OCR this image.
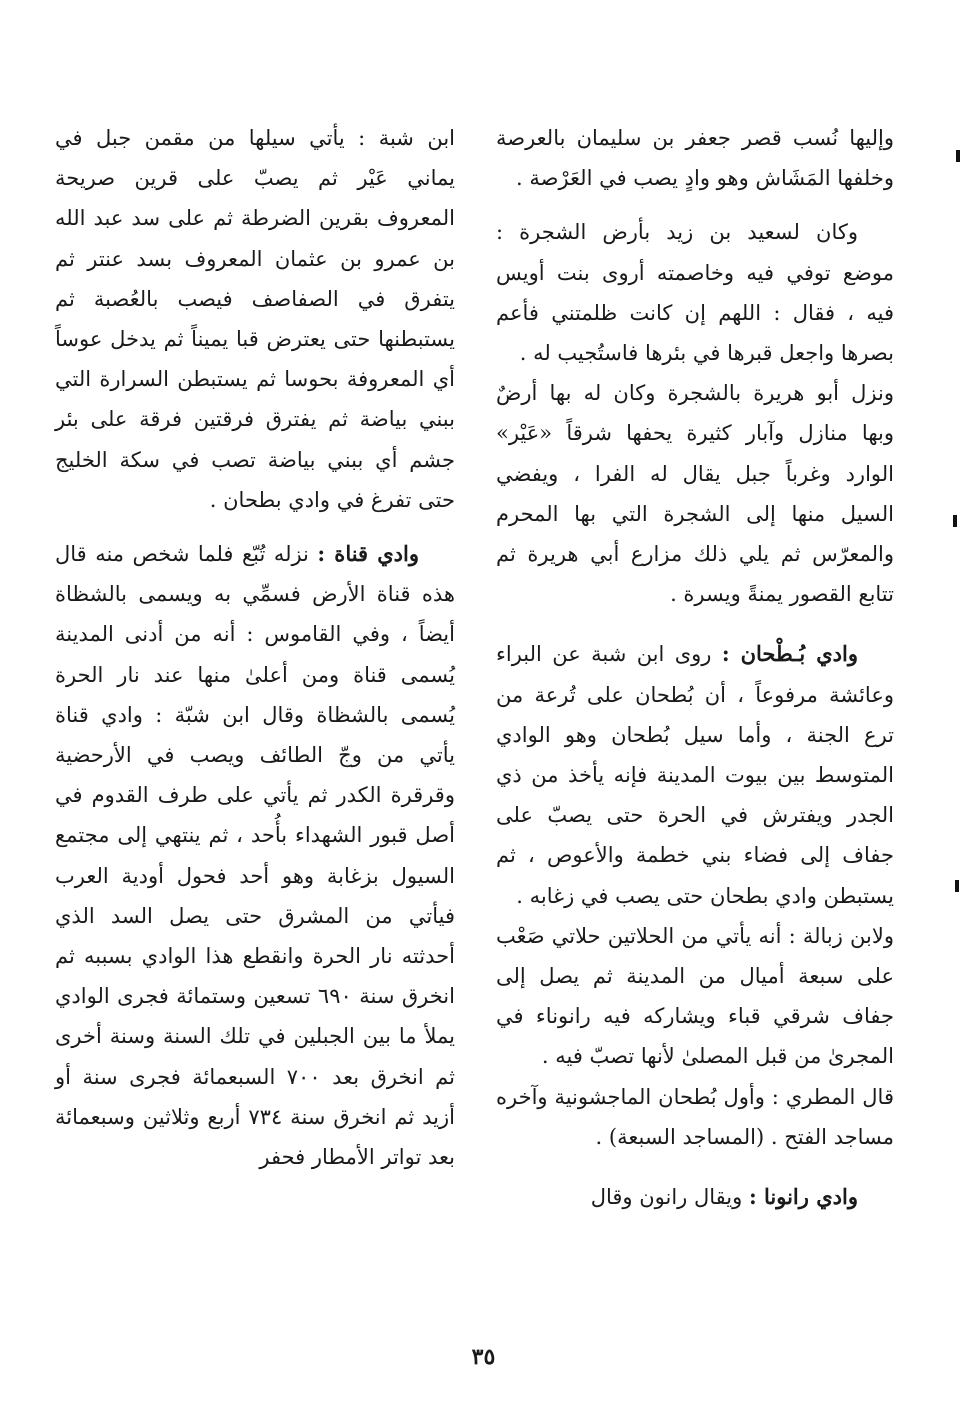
وإليها نُسب قصر جعفر بن سليمان بالعرصة وخلفها المَشَاش وهو وادٍ يصب في العَرْصة .

وكان لسعيد بن زيد بأرض الشجرة : موضع توفي فيه وخاصمته أروى بنت أويس فيه ، فقال : اللهم إن كانت ظلمتني فأعم بصرها واجعل قبرها في بئرها فاستُجيب له .

ونزل أبو هريرة بالشجرة وكان له بها أرضٌ وبها منازل وآبار كثيرة يحفها شرقاً «عَيْر» الوارد وغرباً جبل يقال له الفرا ، ويفضي السيل منها إلى الشجرة التي بها المحرم والمعرّس ثم يلي ذلك مزارع أبي هريرة ثم تتابع القصور يمنةً ويسرة .

وادي بُـطْحان : روى ابن شبة عن البراء وعائشة مرفوعاً ، أن بُطحان على تُرعة من ترع الجنة ، وأما سيل بُطحان وهو الوادي المتوسط بين بيوت المدينة فإنه يأخذ من ذي الجدر ويفترش في الحرة حتى يصبّ على جفاف إلى فضاء بني خطمة والأعوص ، ثم يستبطن وادي بطحان حتى يصب في زغابه .

ولابن زبالة : أنه يأتي من الحلاتين حلاتي صَعْب على سبعة أميال من المدينة ثم يصل إلى جفاف شرقي قباء ويشاركه فيه رانوناء في المجرىٰ من قبل المصلىٰ لأنها تصبّ فيه .

قال المطري : وأول بُطحان الماجشونية وآخره مساجد الفتح . (المساجد السبعة) .

وادي رانونا : ويقال رانون وقال

ابن شبة : يأتي سيلها من مقمن جبل في يماني عَيْر ثم يصبّ على قرين صريحة المعروف بقرين الضرطة ثم على سد عبد الله بن عمرو بن عثمان المعروف بسد عنتر ثم يتفرق في الصفاصف فيصب بالعُصبة ثم يستبطنها حتى يعترض قبا يميناً ثم يدخل عوساً أي المعروفة بحوسا ثم يستبطن السرارة التي ببني بياضة ثم يفترق فرقتين فرقة على بئر جشم أي ببني بياضة تصب في سكة الخليج حتى تفرغ في وادي بطحان .

وادي قناة : نزله تُبّع فلما شخص منه قال هذه قناة الأرض فسمِّي به ويسمى بالشظاة أيضاً ، وفي القاموس : أنه من أدنى المدينة يُسمى قناة ومن أعلىٰ منها عند نار الحرة يُسمى بالشظاة وقال ابن شبّة : وادي قناة يأتي من وجّ الطائف ويصب في الأرحضية وقرقرة الكدر ثم يأتي على طرف القدوم في أصل قبور الشهداء بأُحد ، ثم ينتهي إلى مجتمع السيول بزغابة وهو أحد فحول أودية العرب فيأتي من المشرق حتى يصل السد الذي أحدثته نار الحرة وانقطع هذا الوادي بسببه ثم انخرق سنة ٦٩٠ تسعين وستمائة فجرى الوادي يملأ ما بين الجبلين في تلك السنة وسنة أخرى ثم انخرق بعد ٧٠٠ السبعمائة فجرى سنة أو أزيد ثم انخرق سنة ٧٣٤ أربع وثلاثين وسبعمائة بعد تواتر الأمطار فحفر

٣٥
